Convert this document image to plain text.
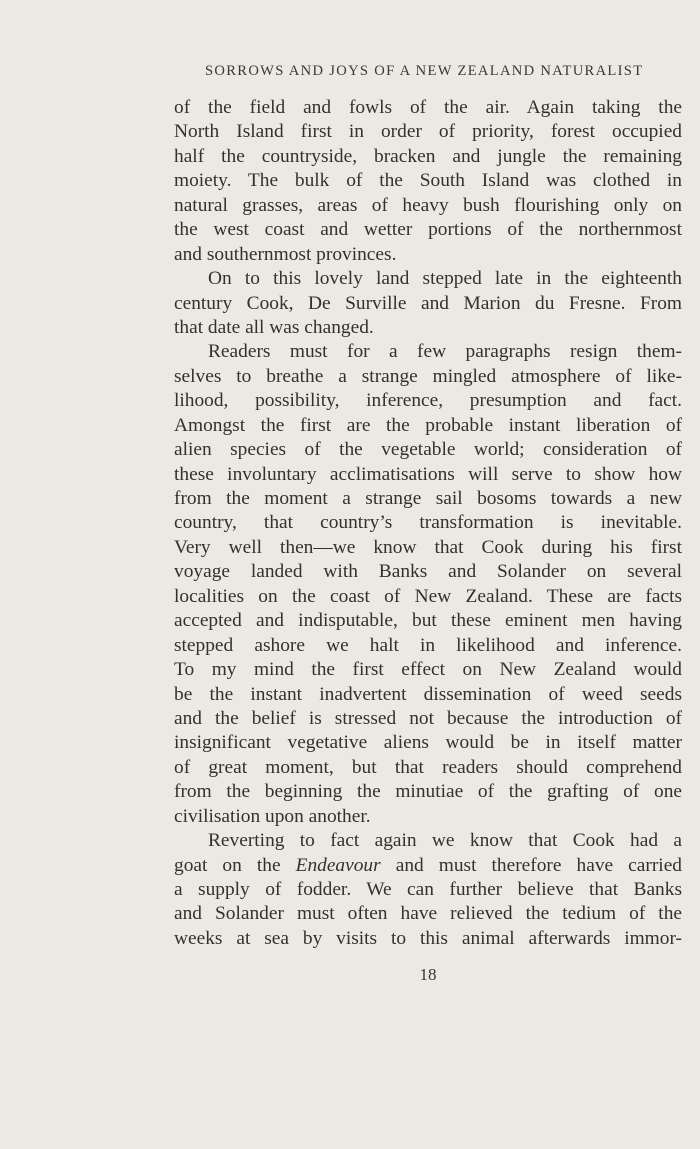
SORROWS AND JOYS OF A NEW ZEALAND NATURALIST
of the field and fowls of the air. Again taking the
North Island first in order of priority, forest occupied
half the countryside, bracken and jungle the remaining
moiety. The bulk of the South Island was clothed in
natural grasses, areas of heavy bush flourishing only on
the west coast and wetter portions of the northernmost
and southernmost provinces.
On to this lovely land stepped late in the eighteenth
century Cook, De Surville and Marion du Fresne. From
that date all was changed.
Readers must for a few paragraphs resign them-
selves to breathe a strange mingled atmosphere of like-
lihood, possibility, inference, presumption and fact.
Amongst the first are the probable instant liberation of
alien species of the vegetable world; consideration of
these involuntary acclimatisations will serve to show how
from the moment a strange sail bosoms towards a new
country, that country’s transformation is inevitable.
Very well then—we know that Cook during his first
voyage landed with Banks and Solander on several
localities on the coast of New Zealand. These are facts
accepted and indisputable, but these eminent men having
stepped ashore we halt in likelihood and inference.
To my mind the first effect on New Zealand would
be the instant inadvertent dissemination of weed seeds
and the belief is stressed not because the introduction of
insignificant vegetative aliens would be in itself matter
of great moment, but that readers should comprehend
from the beginning the minutiae of the grafting of one
civilisation upon another.
Reverting to fact again we know that Cook had a
goat on the Endeavour and must therefore have carried
a supply of fodder. We can further believe that Banks
and Solander must often have relieved the tedium of the
weeks at sea by visits to this animal afterwards immor-
18
